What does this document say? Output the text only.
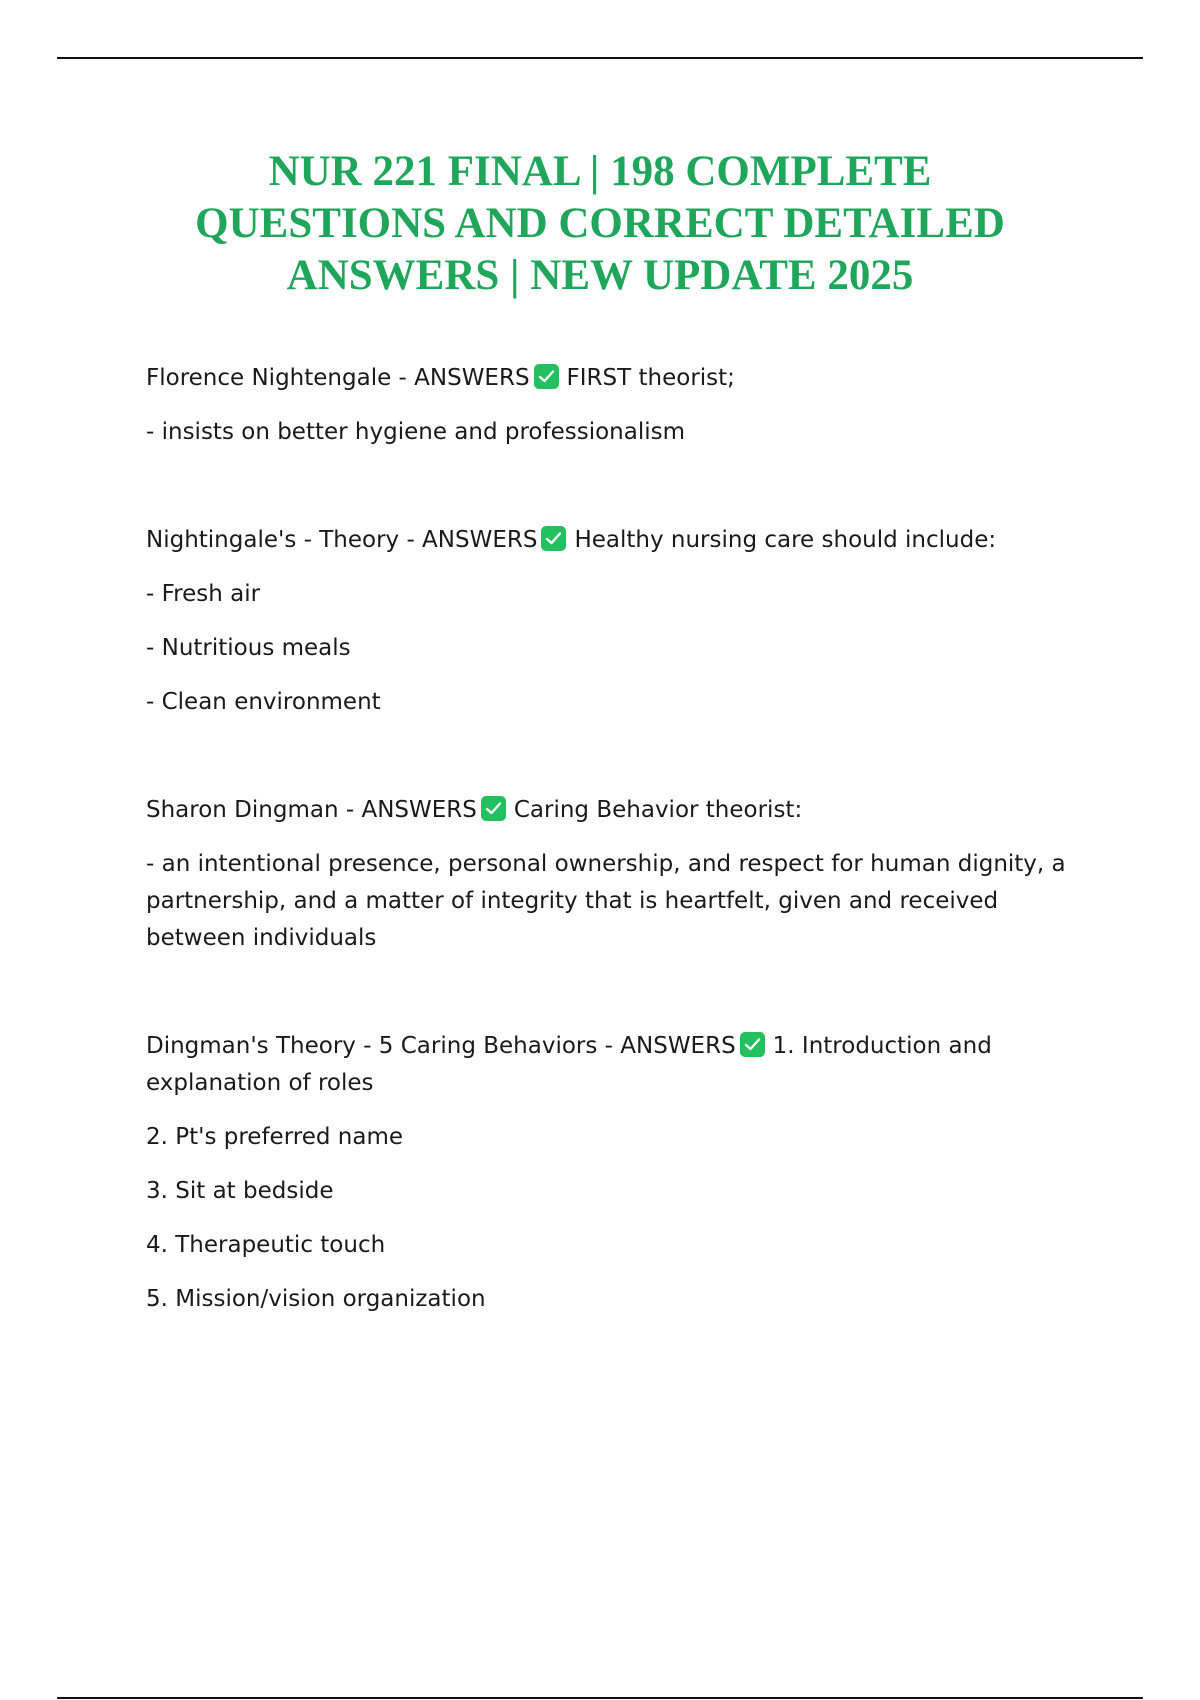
NUR 221 FINAL | 198 COMPLETE
QUESTIONS AND CORRECT DETAILED
ANSWERS | NEW UPDATE 2025

Florence Nightengale - ANSWERS FIRST theorist;

- insists on better hygiene and professionalism

Nightingale's - Theory - ANSWERS Healthy nursing care should include:

- Fresh air

- Nutritious meals

- Clean environment

Sharon Dingman - ANSWERS Caring Behavior theorist:

- an intentional presence, personal ownership, and respect for human dignity, a partnership, and a matter of integrity that is heartfelt, given and received between individuals

Dingman's Theory - 5 Caring Behaviors - ANSWERS 1. Introduction and explanation of roles

2. Pt's preferred name

3. Sit at bedside

4. Therapeutic touch

5. Mission/vision organization
